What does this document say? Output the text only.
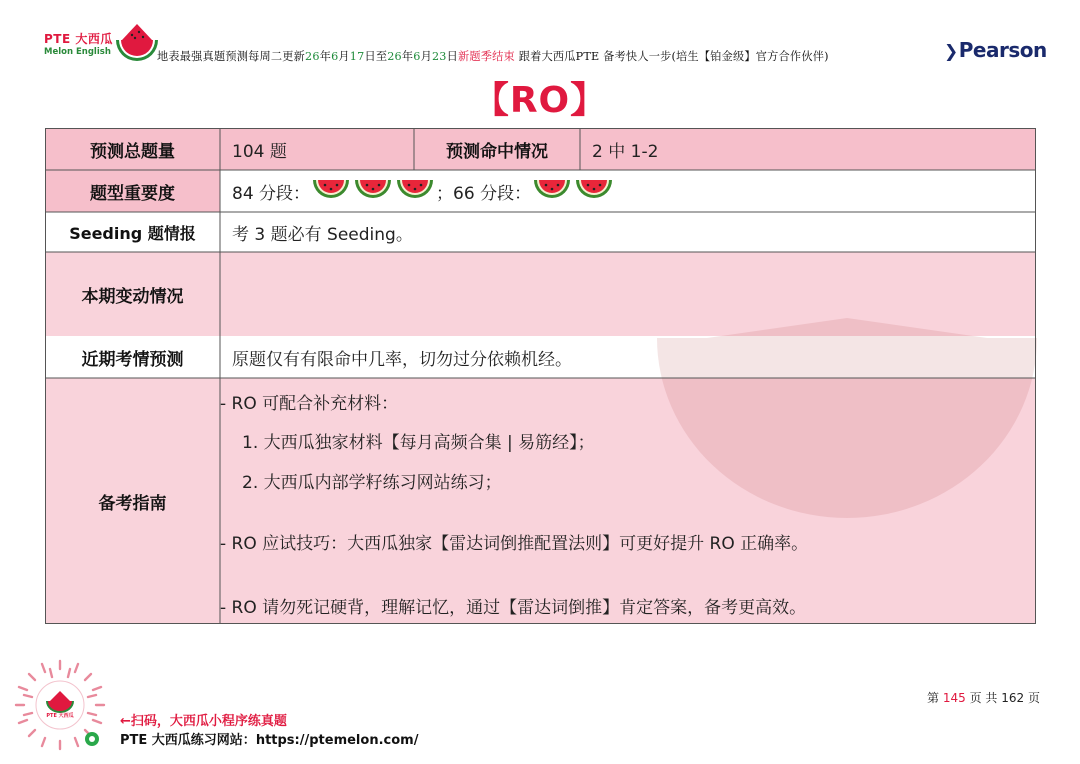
PTE 大西瓜
Melon English	地表最强真题预测每周二更新26年6月17日至26年6月23日新题季结束 跟着大西瓜PTE 备考快人一步(培生【铂金级】官方合作伙伴)	❯Pearson
【RO】
预测总题量	104 题	预测命中情况	2 中 1-2
题型重要度	84 分段：	； 66 分段：
Seeding 题情报	考 3 题必有 Seeding。
本期变动情况
近期考情预测	原题仅有有限命中几率，切勿过分依赖机经。
备考指南
- RO 可配合补充材料：
1. 大西瓜独家材料【每月高频合集 | 易筋经】；
2. 大西瓜内部学籽练习网站练习；
- RO 应试技巧：大西瓜独家【雷达词倒推配置法则】可更好提升 RO 正确率。
- RO 请勿死记硬背，理解记忆，通过【雷达词倒推】肯定答案，备考更高效。
PTE 大西瓜	←扫码，大西瓜小程序练真题
PTE 大西瓜练习网站：https://ptemelon.com/
第 145 页 共 162 页
